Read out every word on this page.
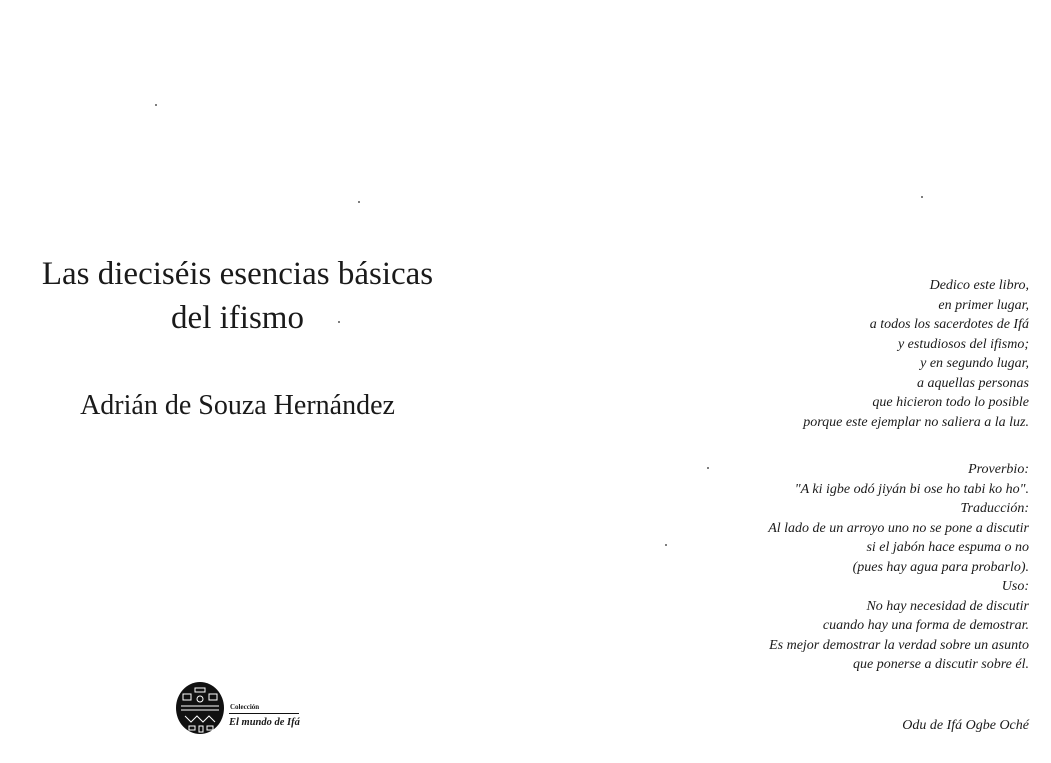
Las dieciséis esencias básicas
del ifismo
Adrián de Souza Hernández
Colección
El mundo de Ifá
Dedico este libro,
en primer lugar,
a todos los sacerdotes de Ifá
y estudiosos del ifismo;
y en segundo lugar,
a aquellas personas
que hicieron todo lo posible
porque este ejemplar no saliera a la luz.
Proverbio:
"A ki igbe odó jiyán bi ose ho tabi ko ho".
Traducción:
Al lado de un arroyo uno no se pone a discutir
si el jabón hace espuma o no
(pues hay agua para probarlo).
Uso:
No hay necesidad de discutir
cuando hay una forma de demostrar.
Es mejor demostrar la verdad sobre un asunto
que ponerse a discutir sobre él.
Odu de Ifá Ogbe Oché
